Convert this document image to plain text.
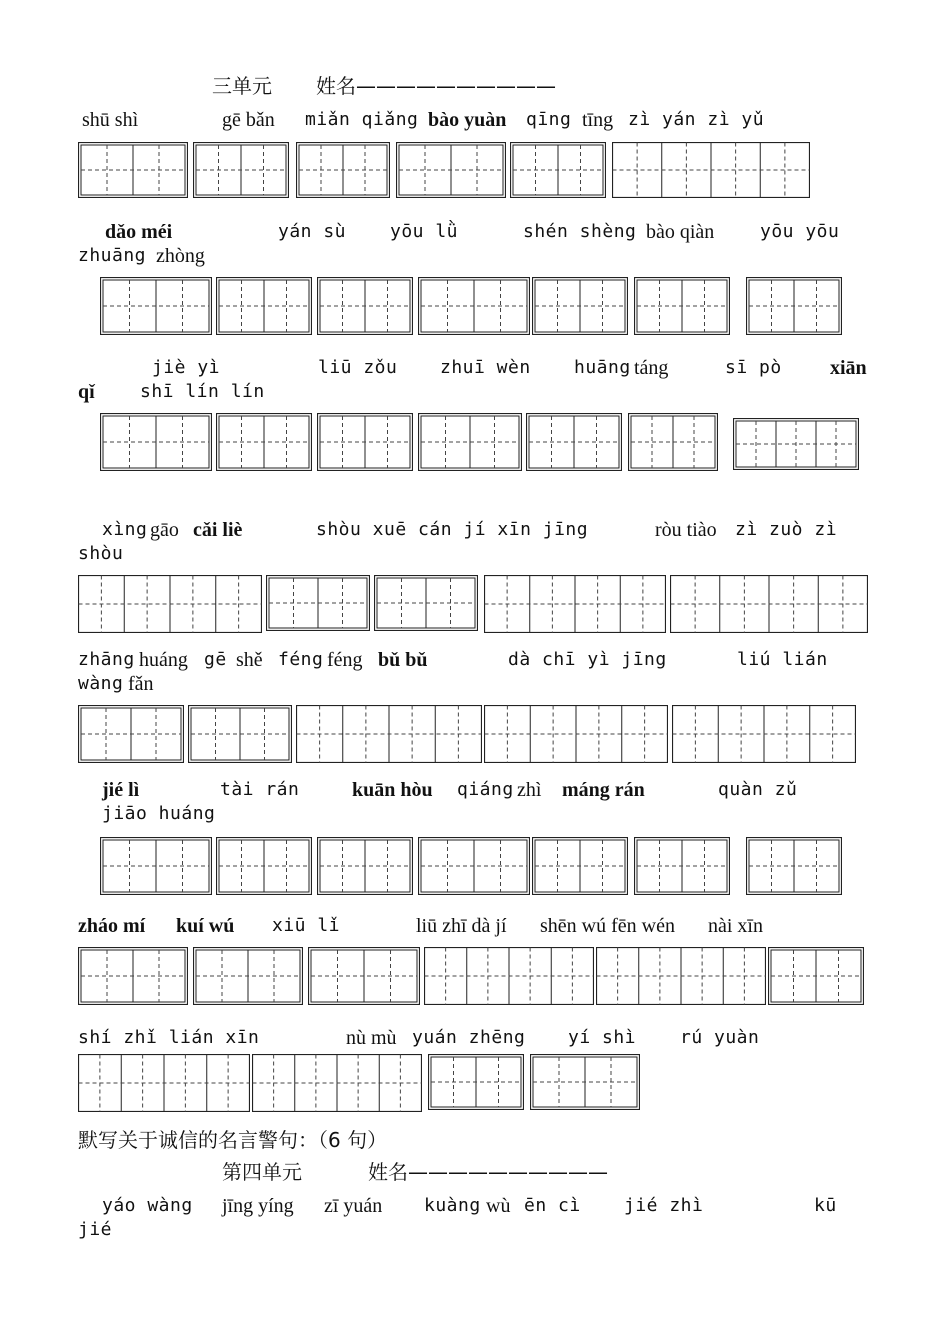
三单元 姓名——————————
shū shì	gē bǎn miǎn qiǎng bào yuàn qīng tīng zì yán zì yǔ
dǎo méi	yán sù yōu lǜ	shén shèng bào qiàn	yōu yōu
zhuāng zhòng
jiè yì	liū zǒu zhuī wèn huāng táng	sī pò xiān
qǐ	shī lín lín
xìng gāo cǎi liè	shòu xuē cán jí xīn jīng	ròu tiào zì zuò zì
shòu
zhāng huáng gē shě féng féng bǔ bǔ	dà chī yì jīng	liú lián
wàng fǎn
jié lì	tài rán	kuān hòu qiáng zhì máng rán	quàn zǔ
jiāo huáng
zháo mí kuí wú xiū lǐ	liū zhī dà jí shēn wú fēn wén nài xīn
shí zhǐ lián xīn	nù mù yuán zhēng yí shì rú yuàn
yáo wàng jīng yíng zī yuán kuàng wù ēn cì jié zhì	kū
jié
默写关于诚信的名言警句：（6 句）
第四单元	姓名——————————
